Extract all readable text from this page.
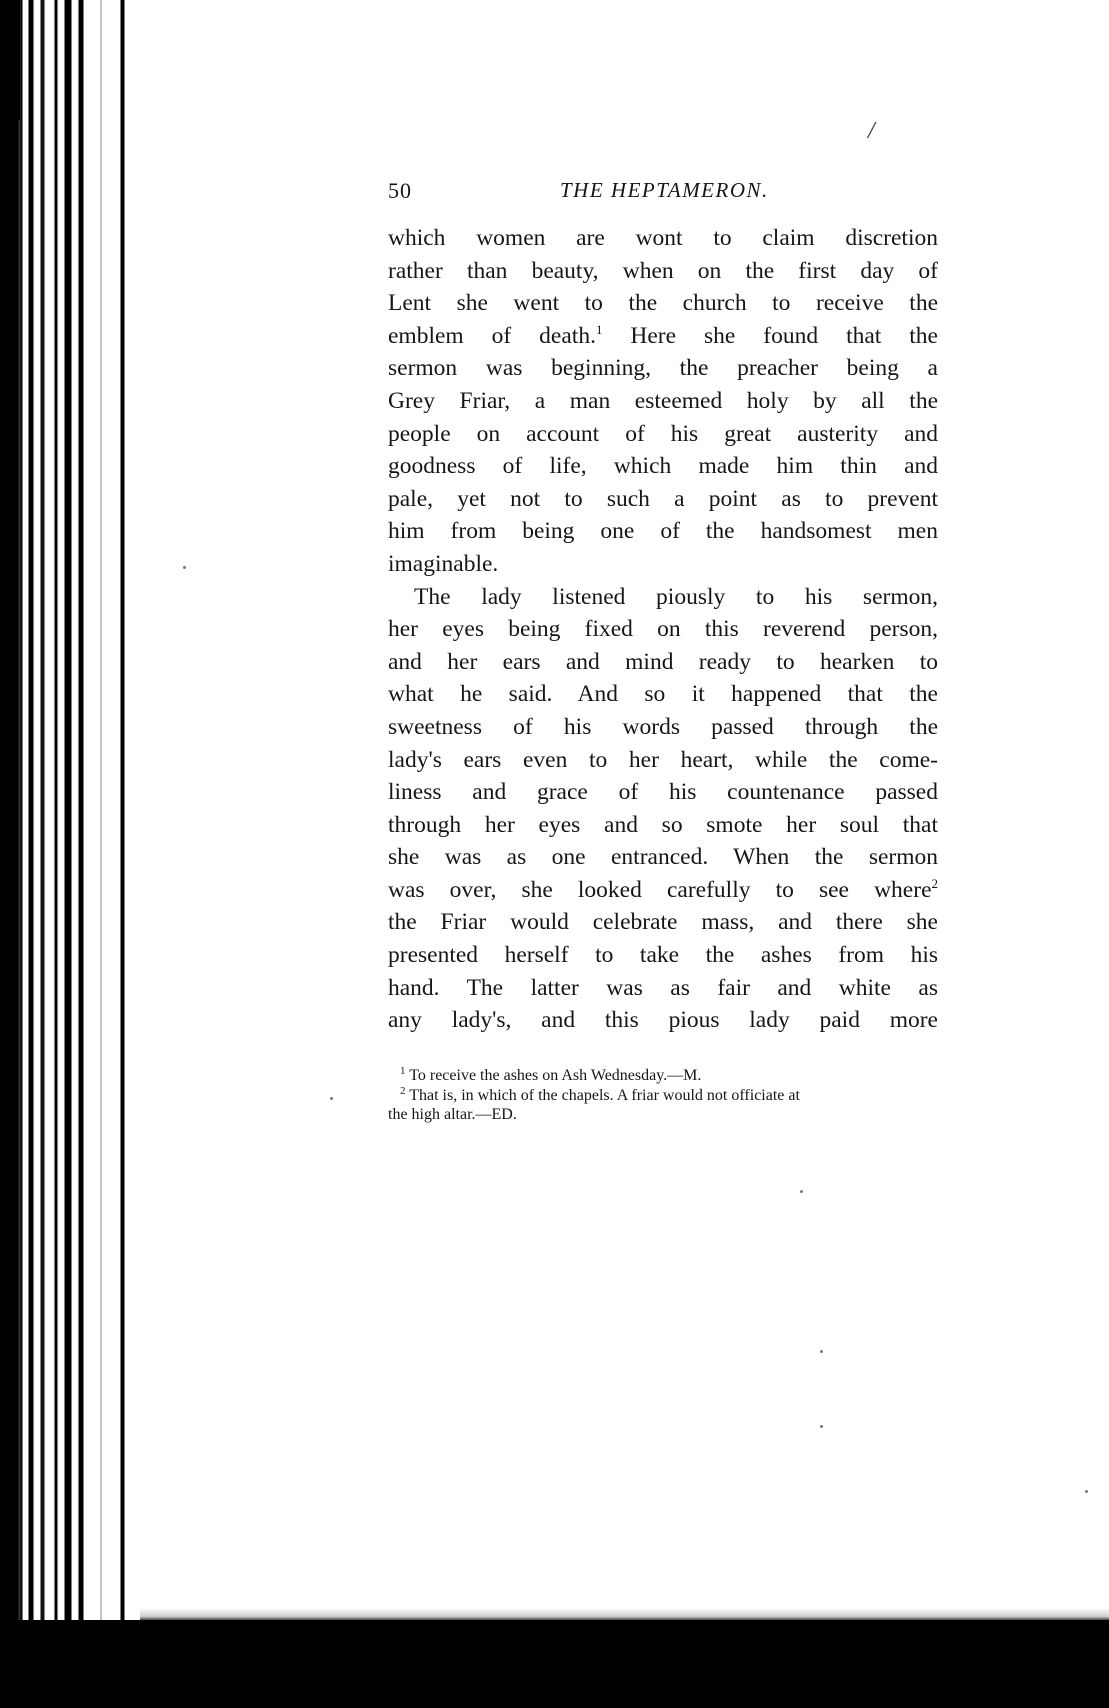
/
50	THE HEPTAMERON.
which women are wont to claim discretion
rather than beauty, when on the first day of
Lent she went to the church to receive the
emblem of death.$^1$ Here she found that the
sermon was beginning, the preacher being a
Grey Friar, a man esteemed holy by all the
people on account of his great austerity and
goodness of life, which made him thin and
pale, yet not to such a point as to prevent
him from being one of the handsomest men
imaginable.
The lady listened piously to his sermon,
her eyes being fixed on this reverend person,
and her ears and mind ready to hearken to
what he said. And so it happened that the
sweetness of his words passed through the
lady's ears even to her heart, while the come-
liness and grace of his countenance passed
through her eyes and so smote her soul that
she was as one entranced. When the sermon
was over, she looked carefully to see where$^2$
the Friar would celebrate mass, and there she
presented herself to take the ashes from his
hand. The latter was as fair and white as
any lady's, and this pious lady paid more
$^1$ To receive the ashes on Ash Wednesday.—M.
$^2$ That is, in which of the chapels. A friar would not officiate at
the high altar.—ED.
